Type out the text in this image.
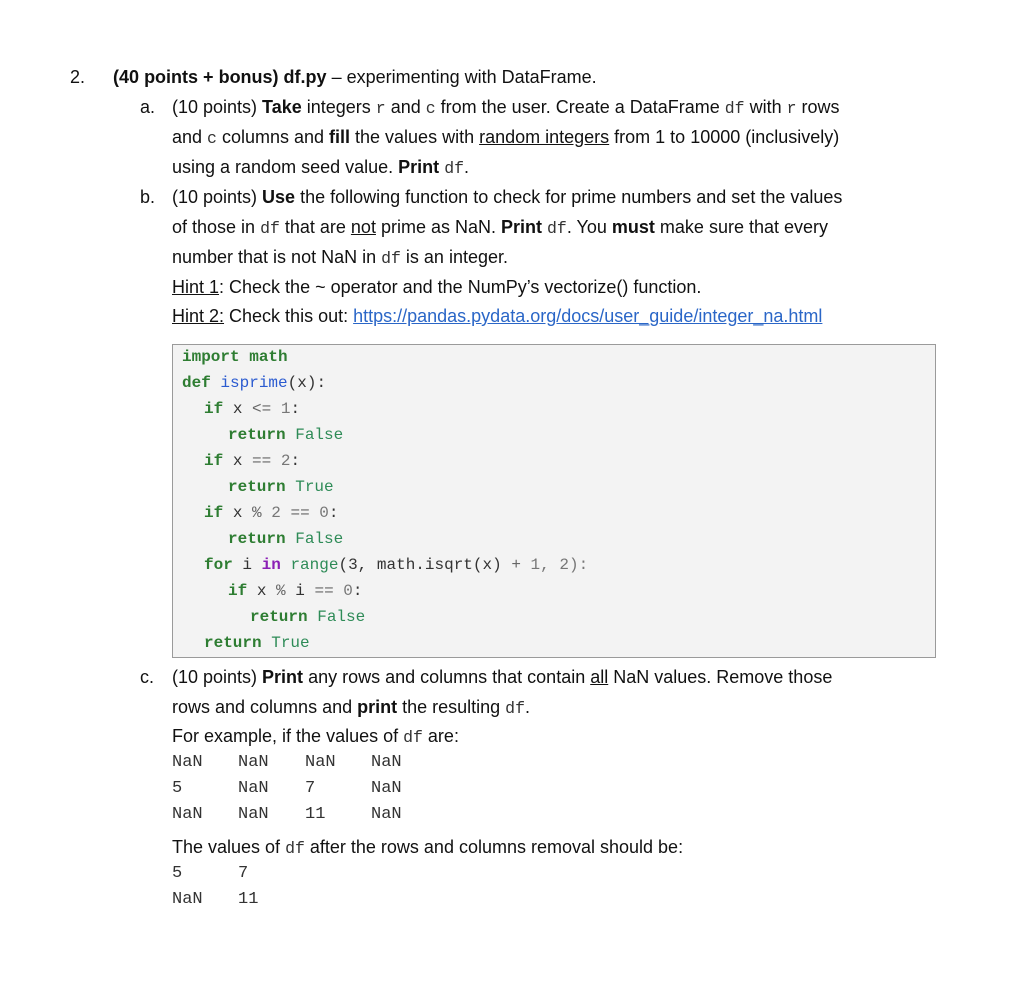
2. (40 points + bonus) df.py – experimenting with DataFrame.
a. (10 points) Take integers r and c from the user. Create a DataFrame df with r rows
and c columns and fill the values with random integers from 1 to 10000 (inclusively)
using a random seed value. Print df.
b. (10 points) Use the following function to check for prime numbers and set the values
of those in df that are not prime as NaN. Print df. You must make sure that every
number that is not NaN in df is an integer.
Hint 1: Check the ~ operator and the NumPy’s vectorize() function.
Hint 2: Check this out: https://pandas.pydata.org/docs/user_guide/integer_na.html
import math
def isprime(x):
if x <= 1:
return False
if x == 2:
return True
if x % 2 == 0:
return False
for i in range(3, math.isqrt(x) + 1, 2):
if x % i == 0:
return False
return True
c. (10 points) Print any rows and columns that contain all NaN values. Remove those
rows and columns and print the resulting df.
For example, if the values of df are:
NaN NaN NaN NaN
5	NaN 7	NaN
NaN NaN 11	NaN
The values of df after the rows and columns removal should be:
5	7
NaN 11
